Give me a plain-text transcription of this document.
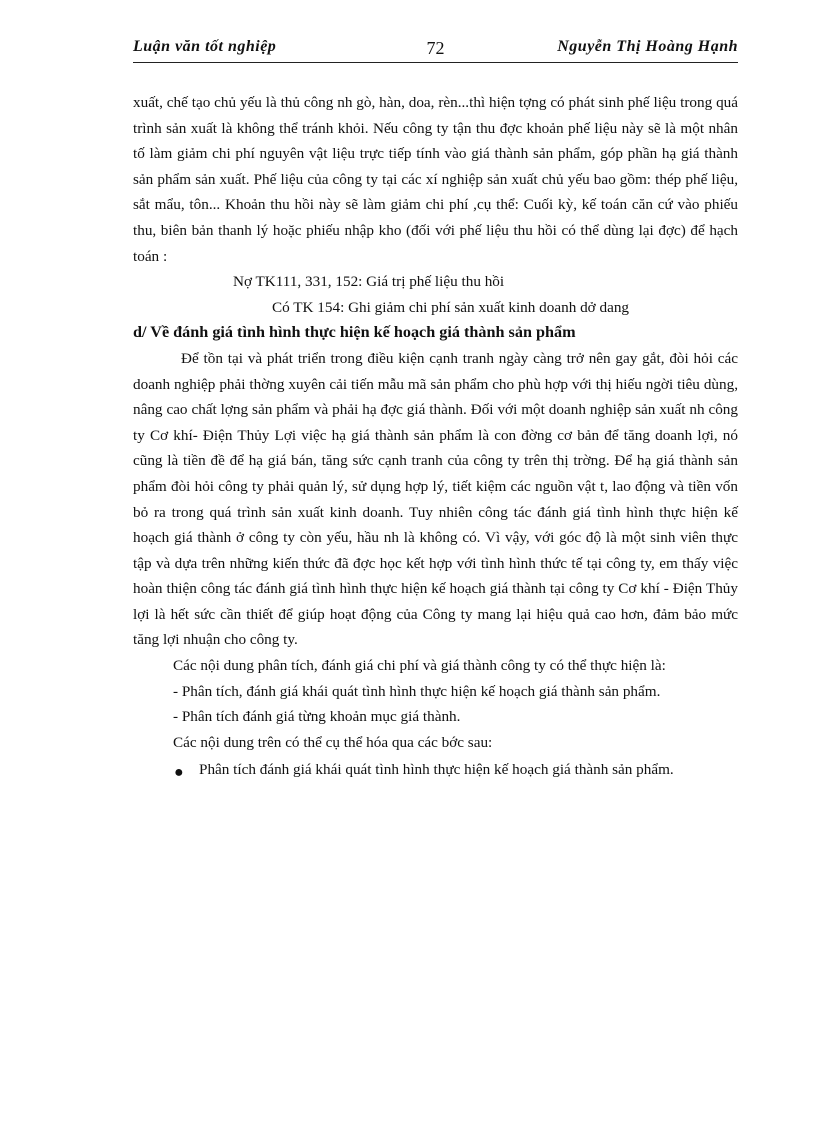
Luận văn tốt nghiệp	72	Nguyễn Thị Hoàng Hạnh

xuất, chế tạo chủ yếu là thủ công nh gò, hàn, doa, rèn...thì hiện tợng có phát sinh phế liệu trong quá trình sản xuất là không thể tránh khỏi. Nếu công ty tận thu đợc khoản phế liệu này sẽ là một nhân tố làm giảm chi phí nguyên vật liệu trực tiếp tính vào giá thành sản phẩm, góp phần hạ giá thành sản phẩm sản xuất. Phế liệu của công ty tại các xí nghiệp sản xuất chủ yếu bao gồm: thép phế liệu, sắt mẩu, tôn... Khoản thu hồi này sẽ làm giảm chi phí ,cụ thể: Cuối kỳ, kế toán căn cứ vào phiếu thu, biên bản thanh lý hoặc phiếu nhập kho (đối với phế liệu thu hồi có thể dùng lại đợc) để hạch toán :

Nợ TK111, 331, 152: Giá trị phế liệu thu hồi

Có TK 154: Ghi giảm chi phí sản xuất kinh doanh dở dang

d/ Về đánh giá tình hình thực hiện kế hoạch giá thành sản phẩm

Để tồn tại và phát triển trong điều kiện cạnh tranh ngày càng trở nên gay gắt, đòi hỏi các doanh nghiệp phải thờng xuyên cải tiến mẫu mã sản phẩm cho phù hợp với thị hiếu ngời tiêu dùng, nâng cao chất lợng sản phẩm và phải hạ đợc giá thành. Đối với một doanh nghiệp sản xuất nh công ty Cơ khí- Điện Thủy Lợi việc hạ giá thành sản phẩm là con đờng cơ bản để tăng doanh lợi, nó cũng là tiền đề để hạ giá bán, tăng sức cạnh tranh của công ty trên thị trờng. Để hạ giá thành sản phẩm đòi hỏi công ty phải quản lý, sử dụng hợp lý, tiết kiệm các nguồn vật t, lao động và tiền vốn bỏ ra trong quá trình sản xuất kinh doanh. Tuy nhiên công tác đánh giá tình hình thực hiện kế hoạch giá thành ở công ty còn yếu, hầu nh là không có. Vì vậy, với góc độ là một sinh viên thực tập và dựa trên những kiến thức đã đợc học kết hợp với tình hình thức tế tại công ty, em thấy việc hoàn thiện công tác đánh giá tình hình thực hiện kế hoạch giá thành tại công ty Cơ khí - Điện Thủy lợi là hết sức cần thiết để giúp hoạt động của Công ty mang lại hiệu quả cao hơn, đảm bảo mức tăng lợi nhuận cho công ty.

Các nội dung phân tích, đánh giá chi phí và giá thành công ty có thể thực hiện là:

- Phân tích, đánh giá khái quát tình hình thực hiện kế hoạch giá thành sản phẩm.

- Phân tích đánh giá từng khoản mục giá thành.

Các nội dung trên có thể cụ thể hóa qua các bớc sau:

● Phân tích đánh giá khái quát tình hình thực hiện kế hoạch giá thành sản phẩm.
